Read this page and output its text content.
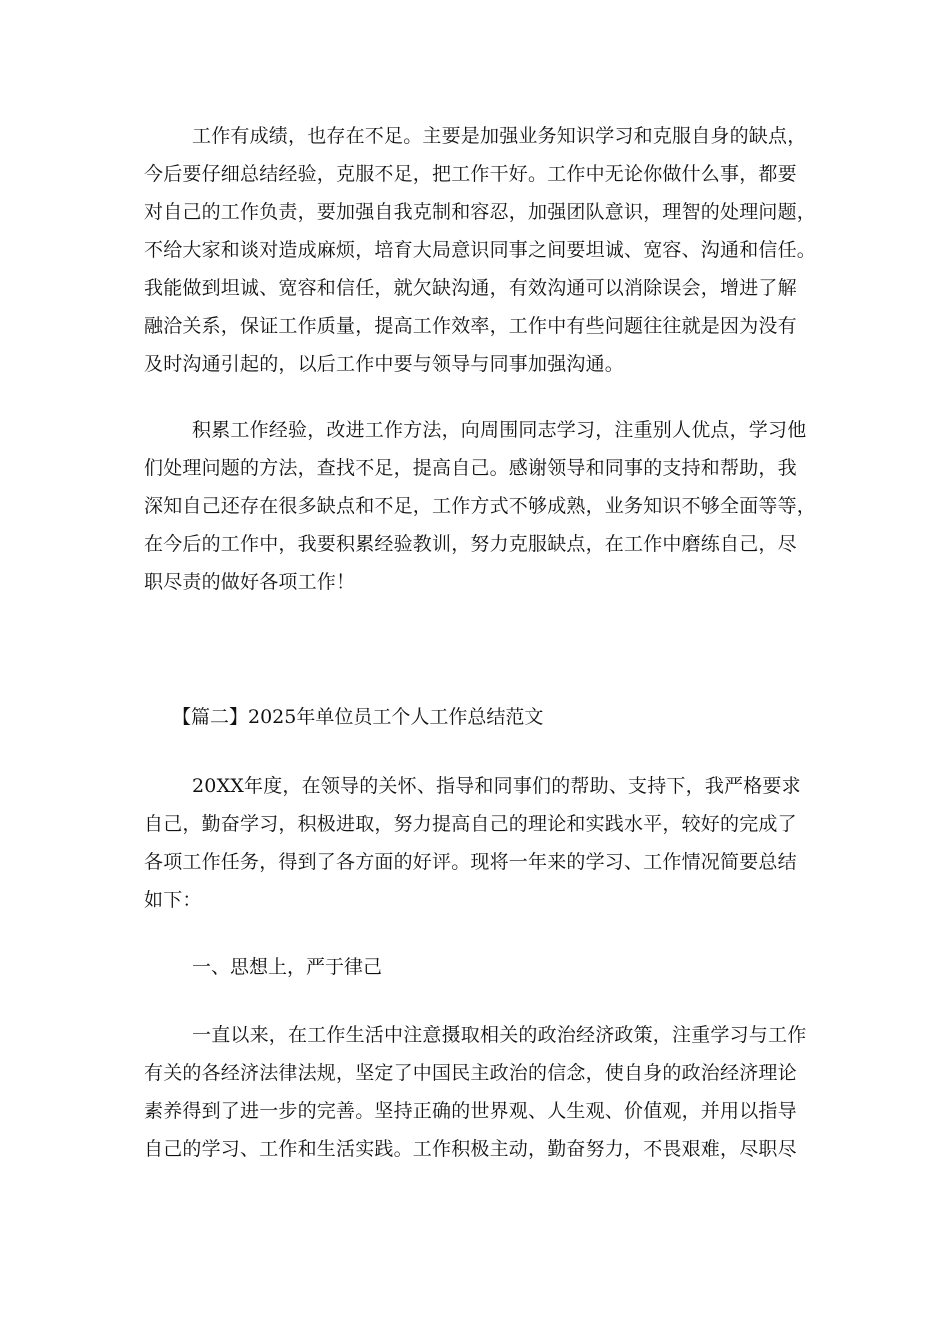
工作有成绩，也存在不足。主要是加强业务知识学习和克服自身的缺点，
今后要仔细总结经验，克服不足，把工作干好。工作中无论你做什么事，都要
对自己的工作负责，要加强自我克制和容忍，加强团队意识，理智的处理问题，
不给大家和谈对造成麻烦，培育大局意识同事之间要坦诚、宽容、沟通和信任。
我能做到坦诚、宽容和信任，就欠缺沟通，有效沟通可以消除误会，增进了解
融洽关系，保证工作质量，提高工作效率，工作中有些问题往往就是因为没有
及时沟通引起的，以后工作中要与领导与同事加强沟通。
积累工作经验，改进工作方法，向周围同志学习，注重别人优点，学习他
们处理问题的方法，查找不足，提高自己。感谢领导和同事的支持和帮助，我
深知自己还存在很多缺点和不足，工作方式不够成熟，业务知识不够全面等等，
在今后的工作中，我要积累经验教训，努力克服缺点，在工作中磨练自己，尽
职尽责的做好各项工作！
【篇二】2025年单位员工个人工作总结范文
20XX年度，在领导的关怀、指导和同事们的帮助、支持下，我严格要求
自己，勤奋学习，积极进取，努力提高自己的理论和实践水平，较好的完成了
各项工作任务，得到了各方面的好评。现将一年来的学习、工作情况简要总结
如下：
一、思想上，严于律己
一直以来，在工作生活中注意摄取相关的政治经济政策，注重学习与工作
有关的各经济法律法规，坚定了中国民主政治的信念，使自身的政治经济理论
素养得到了进一步的完善。坚持正确的世界观、人生观、价值观，并用以指导
自己的学习、工作和生活实践。工作积极主动，勤奋努力，不畏艰难，尽职尽
